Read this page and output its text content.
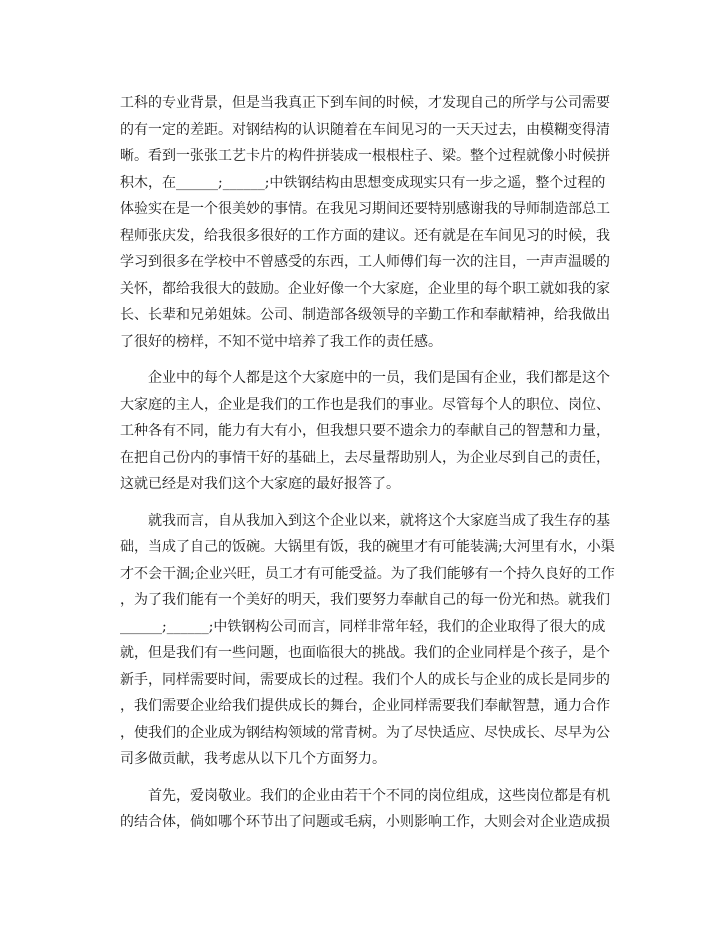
工科的专业背景，但是当我真正下到车间的时候，才发现自己的所学与公司需要
的有一定的差距。对钢结构的认识随着在车间见习的一天天过去，由模糊变得清
晰。看到一张张工艺卡片的构件拼装成一根根柱子、梁。整个过程就像小时候拼
积木，在______;______;中铁钢结构由思想变成现实只有一步之遥，整个过程的
体验实在是一个很美妙的事情。在我见习期间还要特别感谢我的导师制造部总工
程师张庆发，给我很多很好的工作方面的建议。还有就是在车间见习的时候，我
学习到很多在学校中不曾感受的东西，工人师傅们每一次的注目，一声声温暖的
关怀，都给我很大的鼓励。企业好像一个大家庭，企业里的每个职工就如我的家
长、长辈和兄弟姐妹。公司、制造部各级领导的辛勤工作和奉献精神，给我做出
了很好的榜样，不知不觉中培养了我工作的责任感。
　　企业中的每个人都是这个大家庭中的一员，我们是国有企业，我们都是这个
大家庭的主人，企业是我们的工作也是我们的事业。尽管每个人的职位、岗位、
工种各有不同，能力有大有小，但我想只要不遗余力的奉献自己的智慧和力量，
在把自己份内的事情干好的基础上，去尽量帮助别人，为企业尽到自己的责任，
这就已经是对我们这个大家庭的最好报答了。
　　就我而言，自从我加入到这个企业以来，就将这个大家庭当成了我生存的基
础，当成了自己的饭碗。大锅里有饭，我的碗里才有可能装满;大河里有水，小渠
才不会干涸;企业兴旺，员工才有可能受益。为了我们能够有一个持久良好的工作
，为了我们能有一个美好的明天，我们要努力奉献自己的每一份光和热。就我们
______;______;中铁钢构公司而言，同样非常年轻，我们的企业取得了很大的成
就，但是我们有一些问题，也面临很大的挑战。我们的企业同样是个孩子，是个
新手，同样需要时间，需要成长的过程。我们个人的成长与企业的成长是同步的
，我们需要企业给我们提供成长的舞台，企业同样需要我们奉献智慧，通力合作
，使我们的企业成为钢结构领域的常青树。为了尽快适应、尽快成长、尽早为公
司多做贡献，我考虑从以下几个方面努力。
　　首先，爱岗敬业。我们的企业由若干个不同的岗位组成，这些岗位都是有机
的结合体，倘如哪个环节出了问题或毛病，小则影响工作，大则会对企业造成损
